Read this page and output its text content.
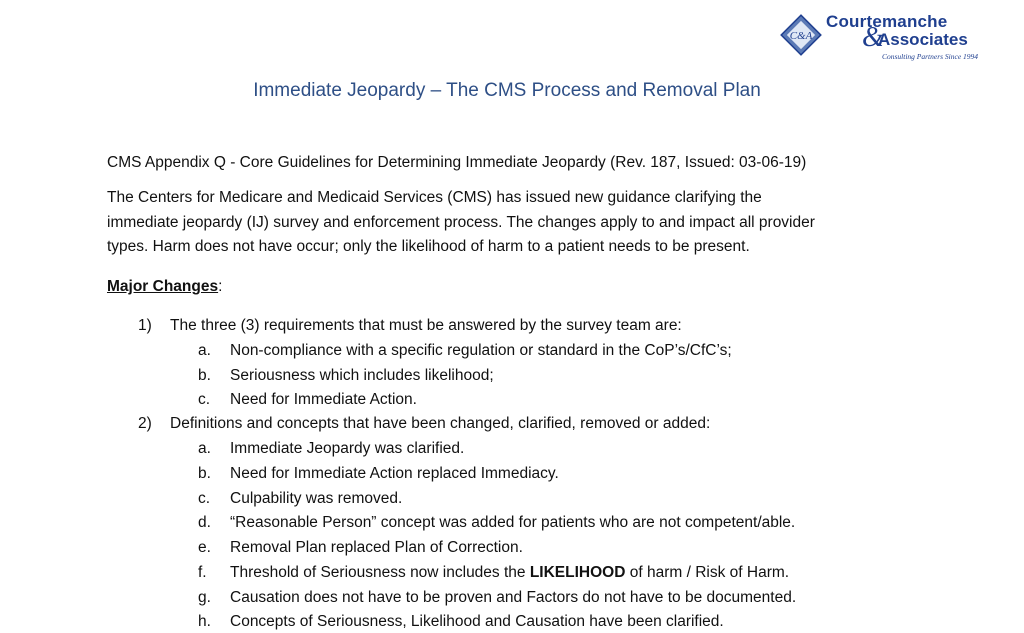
C&A
Courtemanche
&
Associates
Consulting Partners Since 1994
Immediate Jeopardy – The CMS Process and Removal Plan
CMS Appendix Q - Core Guidelines for Determining Immediate Jeopardy (Rev. 187, Issued: 03-06-19)
The Centers for Medicare and Medicaid Services (CMS) has issued new guidance clarifying the
immediate jeopardy (IJ) survey and enforcement process. The changes apply to and impact all provider
types. Harm does not have occur; only the likelihood of harm to a patient needs to be present.
Major Changes:
1) The three (3) requirements that must be answered by the survey team are:
a. Non-compliance with a specific regulation or standard in the CoP’s/CfC’s;
b. Seriousness which includes likelihood;
c. Need for Immediate Action.
2) Definitions and concepts that have been changed, clarified, removed or added:
a. Immediate Jeopardy was clarified.
b. Need for Immediate Action replaced Immediacy.
c. Culpability was removed.
d. “Reasonable Person” concept was added for patients who are not competent/able.
e. Removal Plan replaced Plan of Correction.
f. Threshold of Seriousness now includes the LIKELIHOOD of harm / Risk of Harm.
g. Causation does not have to be proven and Factors do not have to be documented.
h. Concepts of Seriousness, Likelihood and Causation have been clarified.
